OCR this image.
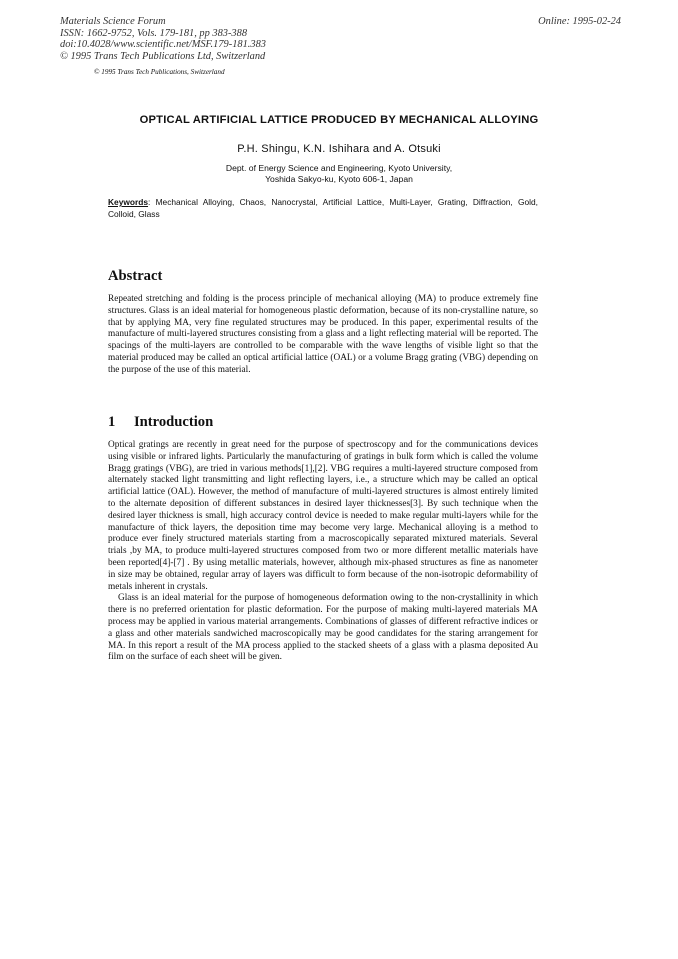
Materials Science Forum
ISSN: 1662-9752, Vols. 179-181, pp 383-388
doi:10.4028/www.scientific.net/MSF.179-181.383
© 1995 Trans Tech Publications Ltd, Switzerland
Online: 1995-02-24
© 1995 Trans Tech Publications, Switzerland
OPTICAL ARTIFICIAL LATTICE PRODUCED BY MECHANICAL ALLOYING
P.H. Shingu, K.N. Ishihara and A. Otsuki
Dept. of Energy Science and Engineering, Kyoto University,
Yoshida Sakyo-ku, Kyoto 606-1, Japan
Keywords: Mechanical Alloying, Chaos, Nanocrystal, Artificial Lattice, Multi-Layer, Grating, Diffraction, Gold, Colloid, Glass
Abstract
Repeated stretching and folding is the process principle of mechanical alloying (MA) to produce extremely fine structures. Glass is an ideal material for homogeneous plastic deformation, because of its non-crystalline nature, so that by applying MA, very fine regulated structures may be produced. In this paper, experimental results of the manufacture of multi-layered structures consisting from a glass and a light reflecting material will be reported. The spacings of the multi-layers are controlled to be comparable with the wave lengths of visible light so that the material produced may be called an optical artificial lattice (OAL) or a volume Bragg grating (VBG) depending on the purpose of the use of this material.
1 Introduction

Optical gratings are recently in great need for the purpose of spectroscopy and for the communications devices using visible or infrared lights. Particularly the manufacturing of gratings in bulk form which is called the volume Bragg gratings (VBG), are tried in various methods[1],[2]. VBG requires a multi-layered structure composed from alternately stacked light transmitting and light reflecting layers, i.e., a structure which may be called an optical artificial lattice (OAL). However, the method of manufacture of multi-layered structures is almost entirely limited to the alternate deposition of different substances in desired layer thicknesses[3]. By such technique when the desired layer thickness is small, high accuracy control device is needed to make regular multi-layers while for the manufacture of thick layers, the deposition time may become very large. Mechanical alloying is a method to produce ever finely structured materials starting from a macroscopically separated mixtured materials. Several trials ,by MA, to produce multi-layered structures composed from two or more different metallic materials have been reported[4]-[7] . By using metallic materials, however, although mix-phased structures as fine as nanometer in size may be obtained, regular array of layers was difficult to form because of the non-isotropic deformability of metals inherent in crystals.

Glass is an ideal material for the purpose of homogeneous deformation owing to the non-crystallinity in which there is no preferred orientation for plastic deformation. For the purpose of making multi-layered materials MA process may be applied in various material arrangements. Combinations of glasses of different refractive indices or a glass and other materials sandwiched macroscopically may be good candidates for the staring arrangement for MA. In this report a result of the MA process applied to the stacked sheets of a glass with a plasma deposited Au film on the surface of each sheet will be given.
